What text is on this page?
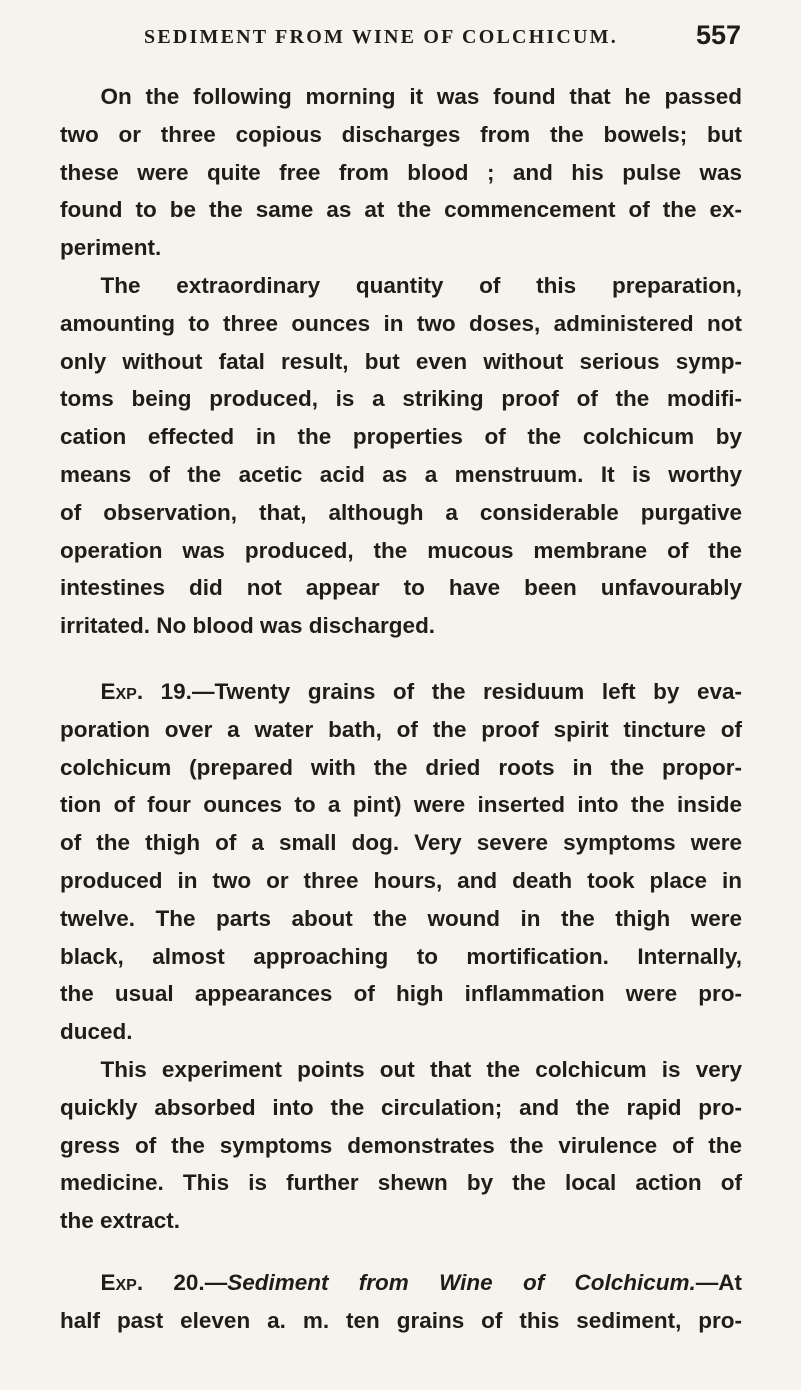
SEDIMENT FROM WINE OF COLCHICUM.	557

On the following morning it was found that he passed
two or three copious discharges from the bowels; but
these were quite free from blood ; and his pulse was
found to be the same as at the commencement of the ex-
periment.

The extraordinary quantity of this preparation,
amounting to three ounces in two doses, administered not
only without fatal result, but even without serious symp-
toms being produced, is a striking proof of the modifi-
cation effected in the properties of the colchicum by
means of the acetic acid as a menstruum. It is worthy
of observation, that, although a considerable purgative
operation was produced, the mucous membrane of the
intestines did not appear to have been unfavourably
irritated. No blood was discharged.

Exp. 19.—Twenty grains of the residuum left by eva-
poration over a water bath, of the proof spirit tincture of
colchicum (prepared with the dried roots in the propor-
tion of four ounces to a pint) were inserted into the inside
of the thigh of a small dog. Very severe symptoms were
produced in two or three hours, and death took place in
twelve. The parts about the wound in the thigh were
black, almost approaching to mortification. Internally,
the usual appearances of high inflammation were pro-
duced.

This experiment points out that the colchicum is very
quickly absorbed into the circulation; and the rapid pro-
gress of the symptoms demonstrates the virulence of the
medicine. This is further shewn by the local action of
the extract.

Exp. 20.—Sediment from Wine of Colchicum.—At
half past eleven a. m. ten grains of this sediment, pro-
